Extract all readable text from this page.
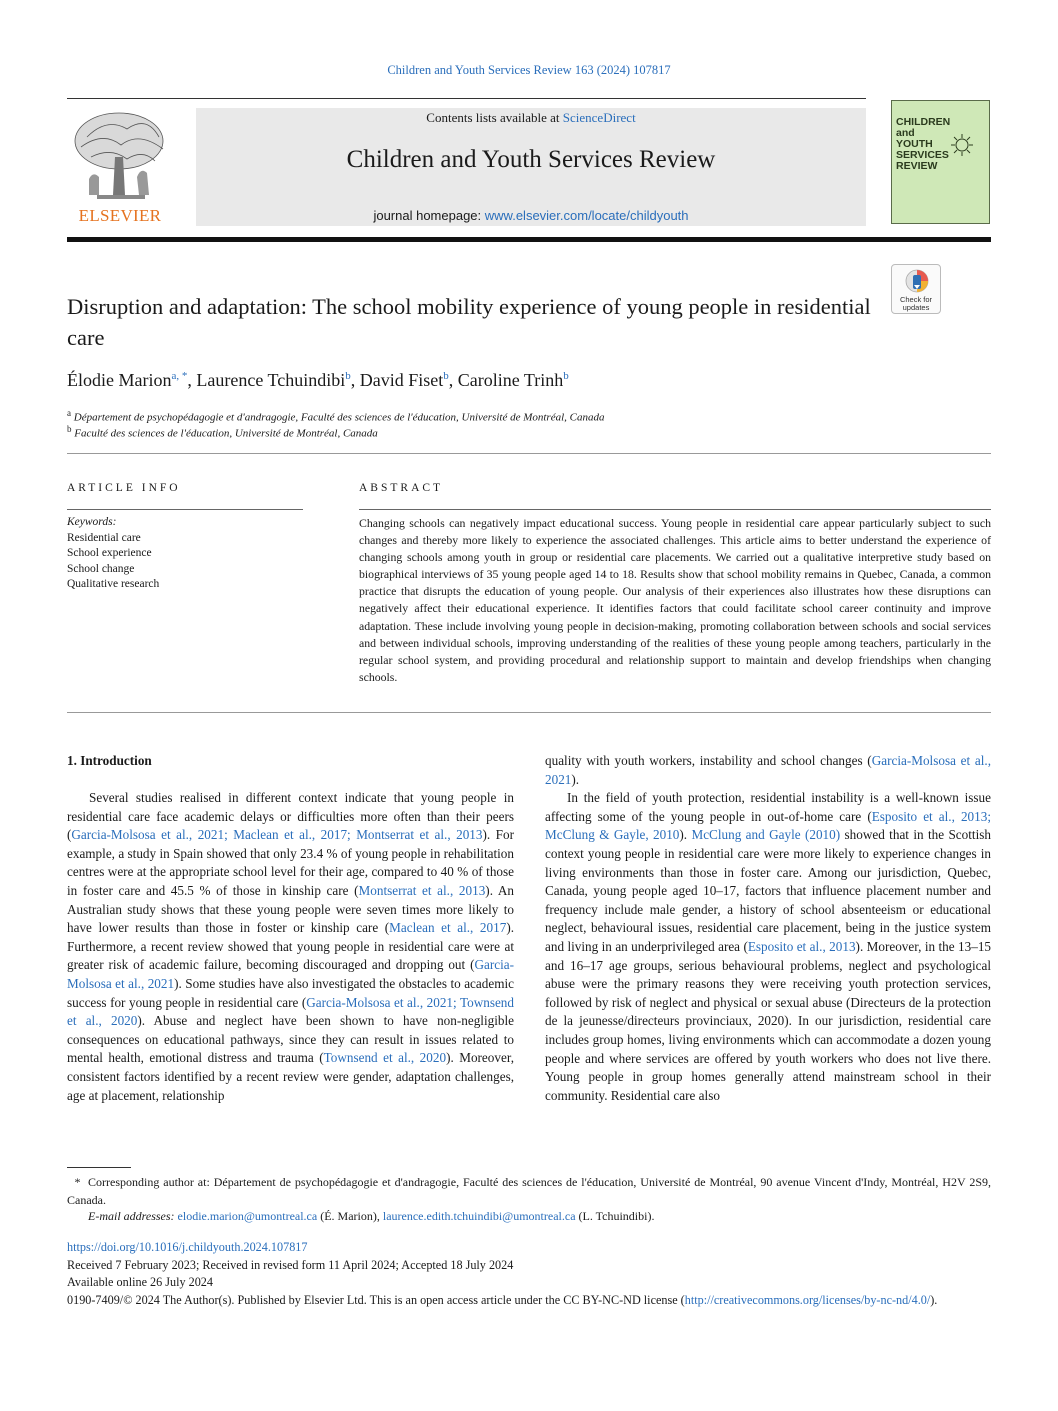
Children and Youth Services Review 163 (2024) 107817
ELSEVIER
Contents lists available at ScienceDirect
Children and Youth Services Review
journal homepage: www.elsevier.com/locate/childyouth
CHILDREN
and
YOUTH
SERVICES
REVIEW
Disruption and adaptation: The school mobility experience of young people in residential care
Check for updates
Élodie Marion$^{a, *}$, Laurence Tchuindibi$^b$, David Fiset$^b$, Caroline Trinh$^b$
$^a$ Département de psychopédagogie et d'andragogie, Faculté des sciences de l'éducation, Université de Montréal, Canada
$^b$ Faculté des sciences de l'éducation, Université de Montréal, Canada
ARTICLE INFO	ABSTRACT
Keywords:
Residential care
School experience
School change
Qualitative research
Changing schools can negatively impact educational success. Young people in residential care appear particularly subject to such changes and thereby more likely to experience the associated challenges. This article aims to better understand the experience of changing schools among youth in group or residential care placements. We carried out a qualitative interpretive study based on biographical interviews of 35 young people aged 14 to 18. Results show that school mobility remains in Quebec, Canada, a common practice that disrupts the education of young people. Our analysis of their experiences also illustrates how these disruptions can negatively affect their educational experience. It identifies factors that could facilitate school career continuity and improve adaptation. These include involving young people in decision-making, promoting collaboration between schools and social services and between individual schools, improving understanding of the realities of these young people among teachers, particularly in the regular school system, and providing procedural and relationship support to maintain and develop friendships when changing schools.
1. Introduction

Several studies realised in different context indicate that young people in residential care face academic delays or difficulties more often than their peers (Garcia-Molsosa et al., 2021; Maclean et al., 2017; Montserrat et al., 2013). For example, a study in Spain showed that only 23.4 % of young people in rehabilitation centres were at the appropriate school level for their age, compared to 40 % of those in foster care and 45.5 % of those in kinship care (Montserrat et al., 2013). An Australian study shows that these young people were seven times more likely to have lower results than those in foster or kinship care (Maclean et al., 2017). Furthermore, a recent review showed that young people in residential care were at greater risk of academic failure, becoming discouraged and dropping out (Garcia-Molsosa et al., 2021). Some studies have also investigated the obstacles to academic success for young people in residential care (Garcia-Molsosa et al., 2021; Townsend et al., 2020). Abuse and neglect have been shown to have non-negligible consequences on educational pathways, since they can result in issues related to mental health, emotional distress and trauma (Townsend et al., 2020). Moreover, consistent factors identified by a recent review were gender, adaptation challenges, age at placement, relationship

quality with youth workers, instability and school changes (Garcia-Molsosa et al., 2021).

In the field of youth protection, residential instability is a well-known issue affecting some of the young people in out-of-home care (Esposito et al., 2013; McClung & Gayle, 2010). McClung and Gayle (2010) showed that in the Scottish context young people in residential care were more likely to experience changes in living environments than those in foster care. Among our jurisdiction, Quebec, Canada, young people aged 10–17, factors that influence placement number and frequency include male gender, a history of school absenteeism or educational neglect, behavioural issues, residential care placement, being in the justice system and living in an underprivileged area (Esposito et al., 2013). Moreover, in the 13–15 and 16–17 age groups, serious behavioural problems, neglect and psychological abuse were the primary reasons they were receiving youth protection services, followed by risk of neglect and physical or sexual abuse (Directeurs de la protection de la jeunesse/directeurs provinciaux, 2020). In our jurisdiction, residential care includes group homes, living environments which can accommodate a dozen young people and where services are offered by youth workers who does not live there. Young people in group homes generally attend mainstream school in their community. Residential care also

* Corresponding author at: Département de psychopédagogie et d'andragogie, Faculté des sciences de l'éducation, Université de Montréal, 90 avenue Vincent d'Indy, Montréal, H2V 2S9, Canada.
E-mail addresses: elodie.marion@umontreal.ca (É. Marion), laurence.edith.tchuindibi@umontreal.ca (L. Tchuindibi).
https://doi.org/10.1016/j.childyouth.2024.107817
Received 7 February 2023; Received in revised form 11 April 2024; Accepted 18 July 2024
Available online 26 July 2024
0190-7409/© 2024 The Author(s). Published by Elsevier Ltd. This is an open access article under the CC BY-NC-ND license (http://creativecommons.org/licenses/by-nc-nd/4.0/).
